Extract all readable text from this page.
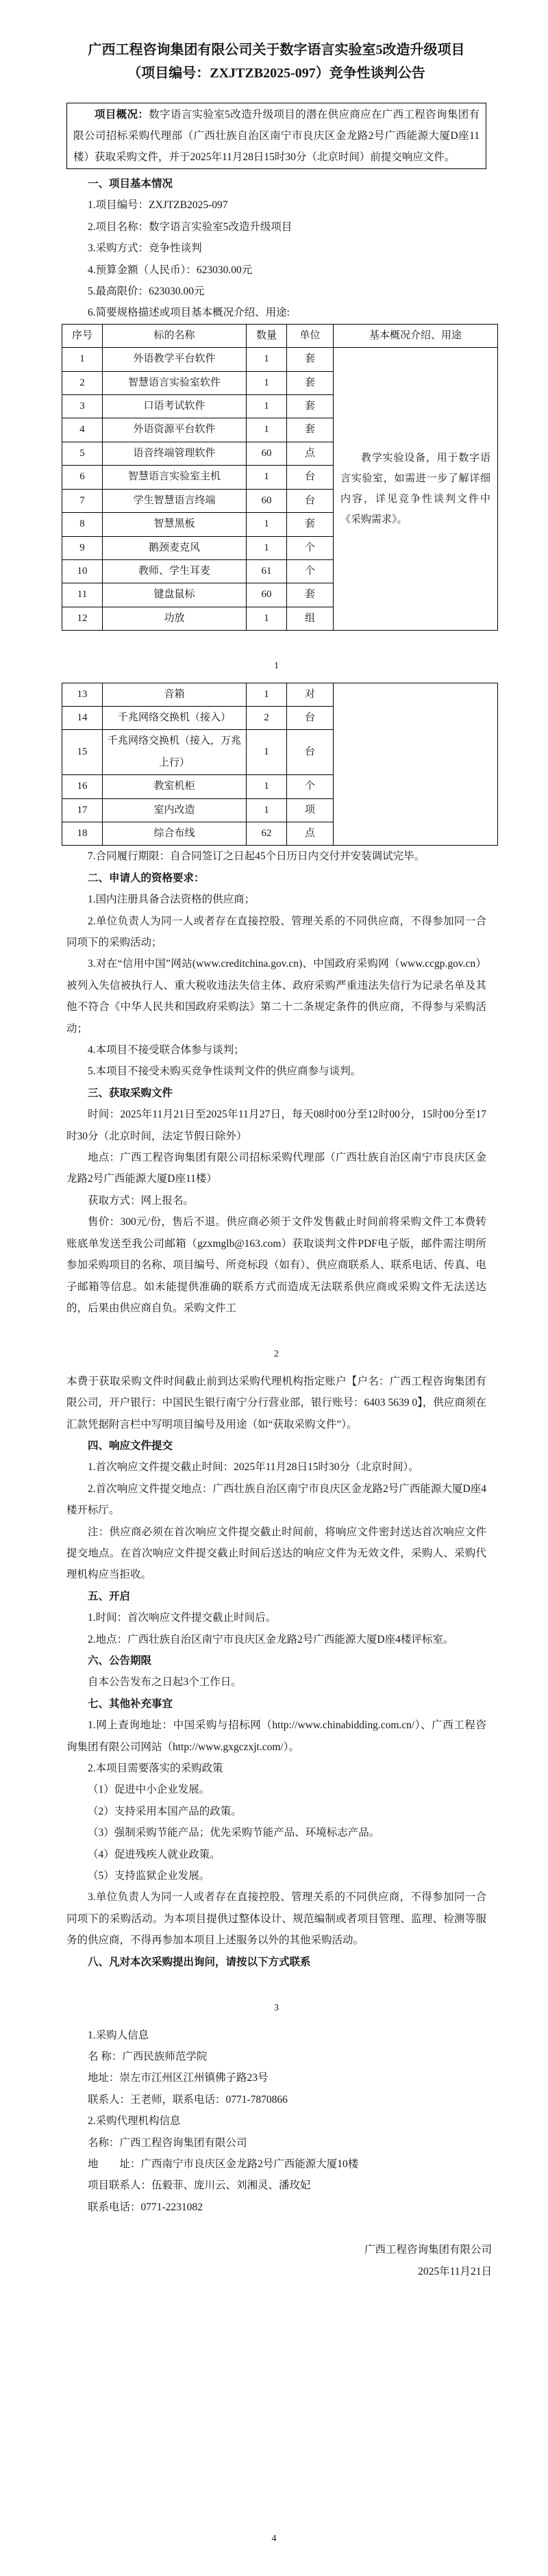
广西工程咨询集团有限公司关于数字语言实验室5改造升级项目
（项目编号：ZXJTZB2025-097）竞争性谈判公告

项目概况：数字语言实验室5改造升级项目的潜在供应商应在广西工程咨询集团有限公司招标采购代理部（广西壮族自治区南宁市良庆区金龙路2号广西能源大厦D座11楼）获取采购文件，并于2025年11月28日15时30分（北京时间）前提交响应文件。

一、项目基本情况
1.项目编号：ZXJTZB2025-097
2.项目名称：数字语言实验室5改造升级项目
3.采购方式：竞争性谈判
4.预算金额（人民币）：623030.00元
5.最高限价：623030.00元
6.简要规格描述或项目基本概况介绍、用途:
序号	标的名称	数量	单位	基本概况介绍、用途
1	外语教学平台软件	1	套	教学实验设备，用于数字语言实验室，如需进一步了解详细内容，详见竞争性谈判文件中《采购需求》。

2	智慧语言实验室软件	1	套	
3	口语考试软件	1	套	
4	外语资源平台软件	1	套	
5	语音终端管理软件	60	点	
6	智慧语言实验室主机	1	台	
7	学生智慧语言终端	60	台	
8	智慧黑板	1	套	
9	鹅颈麦克风	1	个	
10	教师、学生耳麦	61	个	
11	键盘鼠标	60	套	
12	功放	1	组	
1
13	音箱	1	对	
14	千兆网络交换机（接入）	2	台	
15	千兆网络交换机（接入，万兆上行）	1	台	
16	教室机柜	1	个	
17	室内改造	1	项	
18	综合布线	62	点	
7.合同履行期限：自合同签订之日起45个日历日内交付并安装调试完毕。
二、申请人的资格要求：
1.国内注册具备合法资格的供应商；
2.单位负责人为同一人或者存在直接控股、管理关系的不同供应商，不得参加同一合同项下的采购活动；
3.对在“信用中国”网站(www.creditchina.gov.cn)、中国政府采购网（www.ccgp.gov.cn）被列入失信被执行人、重大税收违法失信主体、政府采购严重违法失信行为记录名单及其他不符合《中华人民共和国政府采购法》第二十二条规定条件的供应商，不得参与采购活动；
4.本项目不接受联合体参与谈判；
5.本项目不接受未购买竞争性谈判文件的供应商参与谈判。
三、获取采购文件
时间：2025年11月21日至2025年11月27日，每天08时00分至12时00分，15时00分至17时30分（北京时间，法定节假日除外）
地点：广西工程咨询集团有限公司招标采购代理部（广西壮族自治区南宁市良庆区金龙路2号广西能源大厦D座11楼）
获取方式：网上报名。
售价：300元/份，售后不退。供应商必须于文件发售截止时间前将采购文件工本费转账底单发送至我公司邮箱（gzxmglb@163.com）获取谈判文件PDF电子版，邮件需注明所参加采购项目的名称、项目编号、所竞标段（如有）、供应商联系人、联系电话、传真、电子邮箱等信息。如未能提供准确的联系方式而造成无法联系供应商或采购文件无法送达的，后果由供应商自负。采购文件工
2
本费于获取采购文件时间截止前到达采购代理机构指定账户【户名：广西工程咨询集团有限公司，开户银行：中国民生银行南宁分行营业部，银行账号：6403 5639 0】，供应商须在汇款凭据附言栏中写明项目编号及用途（如“获取采购文件”）。
四、响应文件提交
1.首次响应文件提交截止时间：2025年11月28日15时30分（北京时间）。
2.首次响应文件提交地点：广西壮族自治区南宁市良庆区金龙路2号广西能源大厦D座4楼开标厅。
注：供应商必须在首次响应文件提交截止时间前，将响应文件密封送达首次响应文件提交地点。在首次响应文件提交截止时间后送达的响应文件为无效文件，采购人、采购代理机构应当拒收。
五、开启
1.时间：首次响应文件提交截止时间后。
2.地点：广西壮族自治区南宁市良庆区金龙路2号广西能源大厦D座4楼评标室。
六、公告期限
自本公告发布之日起3个工作日。
七、其他补充事宜
1.网上查询地址：中国采购与招标网（http://www.chinabidding.com.cn/）、广西工程咨询集团有限公司网站（http://www.gxgczxjt.com/）。
2.本项目需要落实的采购政策
（1）促进中小企业发展。
（2）支持采用本国产品的政策。
（3）强制采购节能产品；优先采购节能产品、环境标志产品。
（4）促进残疾人就业政策。
（5）支持监狱企业发展。
3.单位负责人为同一人或者存在直接控股、管理关系的不同供应商，不得参加同一合同项下的采购活动。为本项目提供过整体设计、规范编制或者项目管理、监理、检测等服务的供应商，不得再参加本项目上述服务以外的其他采购活动。
八、凡对本次采购提出询问，请按以下方式联系
3
1.采购人信息
名 称：广西民族师范学院
地址：崇左市江州区江州镇佛子路23号
联系人：王老师，联系电话：0771-7870866
2.采购代理机构信息
名称：广西工程咨询集团有限公司
地　　址：广西南宁市良庆区金龙路2号广西能源大厦10楼
项目联系人：伍毅菲、庞川云、刘湘灵、潘玫妃
联系电话：0771-2231082
广西工程咨询集团有限公司
2025年11月21日
4
